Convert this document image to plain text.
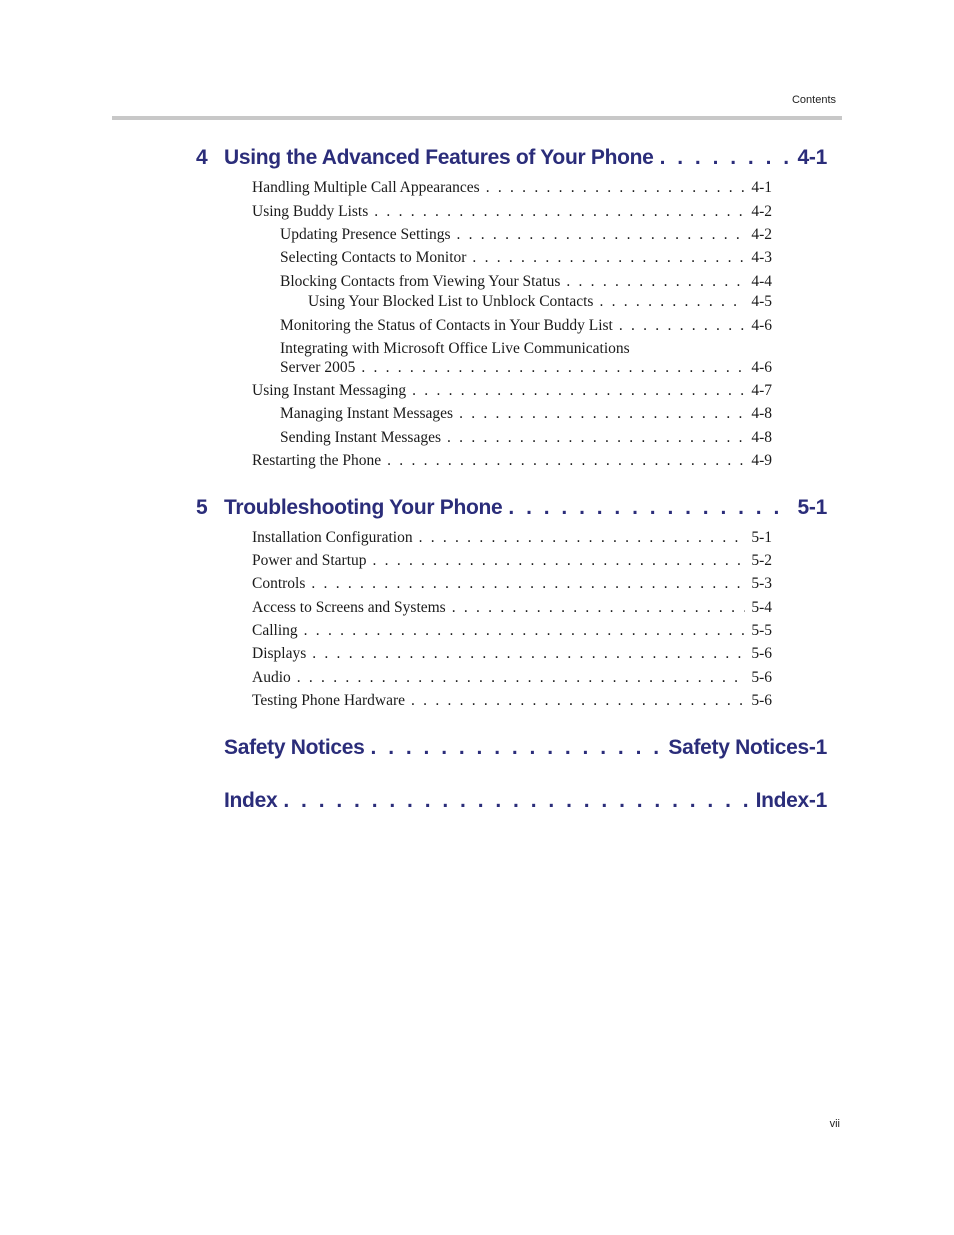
Contents
4 Using the Advanced Features of Your Phone . . .	4-1
Handling Multiple Call Appearances . . .	4-1
Using Buddy Lists . . .	4-2
Updating Presence Settings . . .	4-2
Selecting Contacts to Monitor . . .	4-3
Blocking Contacts from Viewing Your Status . . .	4-4
Using Your Blocked List to Unblock Contacts . . .	4-5
Monitoring the Status of Contacts in Your Buddy List . . .	4-6
Integrating with Microsoft Office Live Communications
Server 2005 . . .	4-6
Using Instant Messaging . . .	4-7
Managing Instant Messages . . .	4-8
Sending Instant Messages . . .	4-8
Restarting the Phone . . .	4-9
5 Troubleshooting Your Phone . . .	5-1
Installation Configuration . . .	5-1
Power and Startup . . .	5-2
Controls . . .	5-3
Access to Screens and Systems . . .	5-4
Calling . . .	5-5
Displays . . .	5-6
Audio . . .	5-6
Testing Phone Hardware . . .	5-6
Safety Notices . . .	Safety Notices-1
Index . . .	Index-1
vii
